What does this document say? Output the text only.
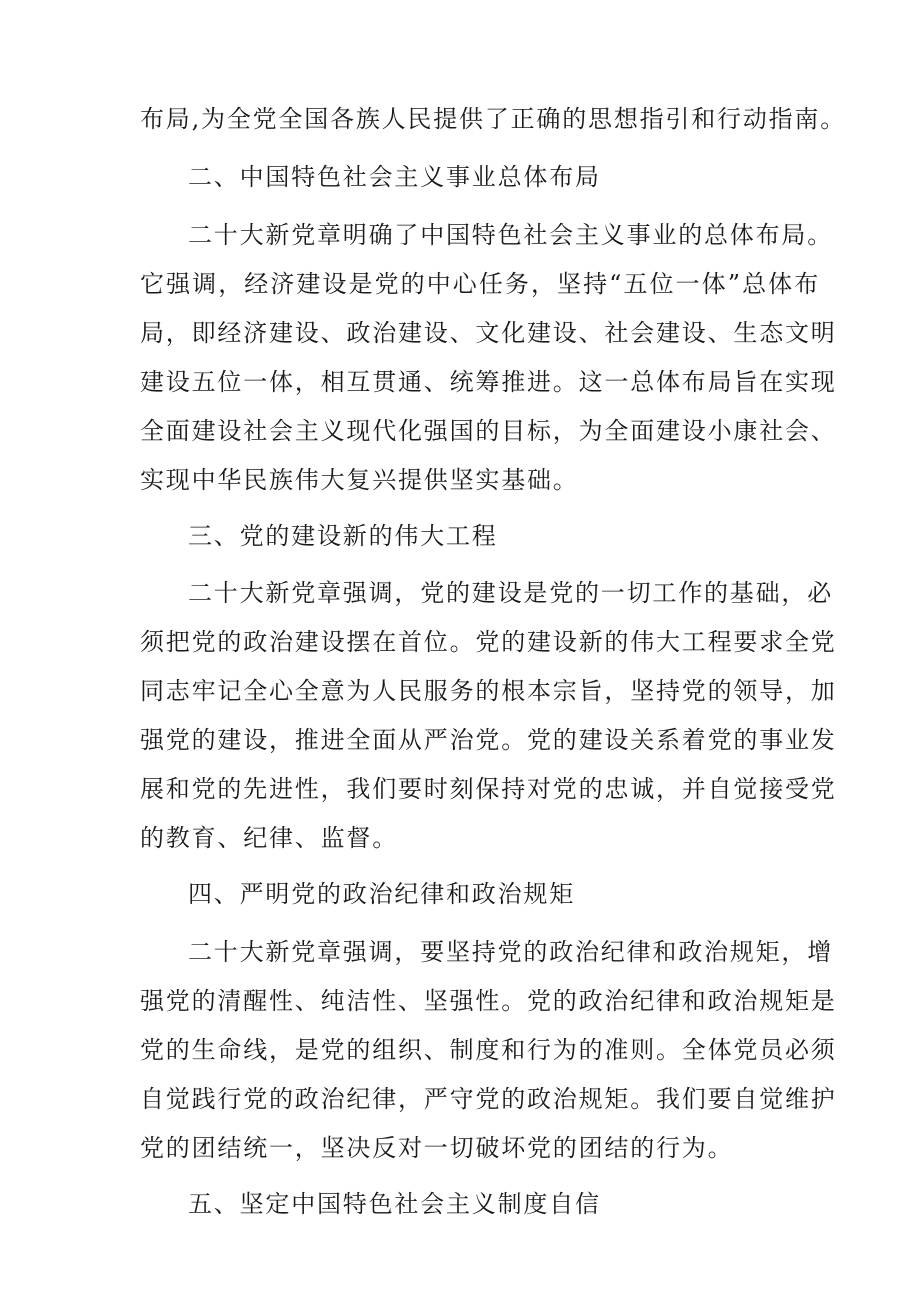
布局,为全党全国各族人民提供了正确的思想指引和行动指南。
二、中国特色社会主义事业总体布局
二十大新党章明确了中国特色社会主义事业的总体布局。
它强调，经济建设是党的中心任务，坚持“五位一体”总体布
局，即经济建设、政治建设、文化建设、社会建设、生态文明
建设五位一体，相互贯通、统筹推进。这一总体布局旨在实现
全面建设社会主义现代化强国的目标，为全面建设小康社会、
实现中华民族伟大复兴提供坚实基础。
三、党的建设新的伟大工程
二十大新党章强调，党的建设是党的一切工作的基础，必
须把党的政治建设摆在首位。党的建设新的伟大工程要求全党
同志牢记全心全意为人民服务的根本宗旨，坚持党的领导，加
强党的建设，推进全面从严治党。党的建设关系着党的事业发
展和党的先进性，我们要时刻保持对党的忠诚，并自觉接受党
的教育、纪律、监督。
四、严明党的政治纪律和政治规矩
二十大新党章强调，要坚持党的政治纪律和政治规矩，增
强党的清醒性、纯洁性、坚强性。党的政治纪律和政治规矩是
党的生命线，是党的组织、制度和行为的准则。全体党员必须
自觉践行党的政治纪律，严守党的政治规矩。我们要自觉维护
党的团结统一，坚决反对一切破坏党的团结的行为。
五、坚定中国特色社会主义制度自信
